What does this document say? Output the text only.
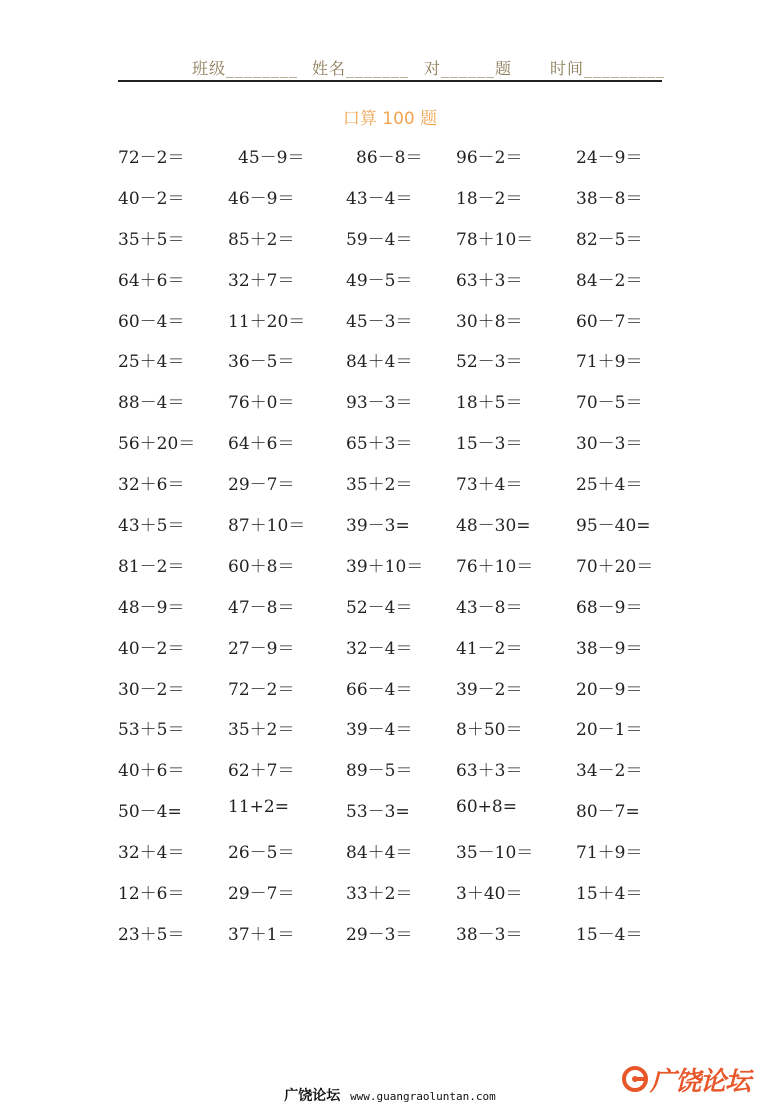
班级________ 姓名_______ 对______题 时间_________
口算 100 题
72－2＝	45－9＝	86－8＝ 96－2＝	24－9＝
40－2＝	46－9＝	43－4＝	18－2＝	38－8＝
35＋5＝	85＋2＝	59－4＝	78＋10＝	82－5＝
64＋6＝	32＋7＝	49－5＝	63＋3＝	84－2＝
60－4＝	11＋20＝ 45－3＝	30＋8＝	60－7＝
25＋4＝	36－5＝	84＋4＝	52－3＝	71＋9＝
88－4＝	76＋0＝	93－3＝	18＋5＝	70－5＝
56＋20＝ 64＋6＝	65＋3＝	15－3＝	30－3＝
32＋6＝	29－7＝	35＋2＝	73＋4＝	25＋4＝
43＋5＝	87＋10＝ 39－3=	48－30=	95－40=
81－2＝	60＋8＝	39＋10＝ 76＋10＝	70＋20＝
48－9＝	47－8＝	52－4＝	43－8＝	68－9＝
40－2＝	27－9＝	32－4＝	41－2＝	38－9＝
30－2＝	72－2＝	66－4＝	39－2＝	20－9＝
53＋5＝	35＋2＝	39－4＝	8＋50＝	20－1＝
40＋6＝	62＋7＝	89－5＝	63＋3＝	34－2＝
50－4=	11+2=	53－3=	60+8=	80－7=
32＋4＝	26－5＝	84＋4＝	35－10＝	71＋9＝
12＋6＝	29－7＝	33＋2＝	3＋40＝	15＋4＝
23＋5＝	37＋1＝	29－3＝	38－3＝	15－4＝
广饶论坛
广饶论坛 www.guangraoluntan.com
